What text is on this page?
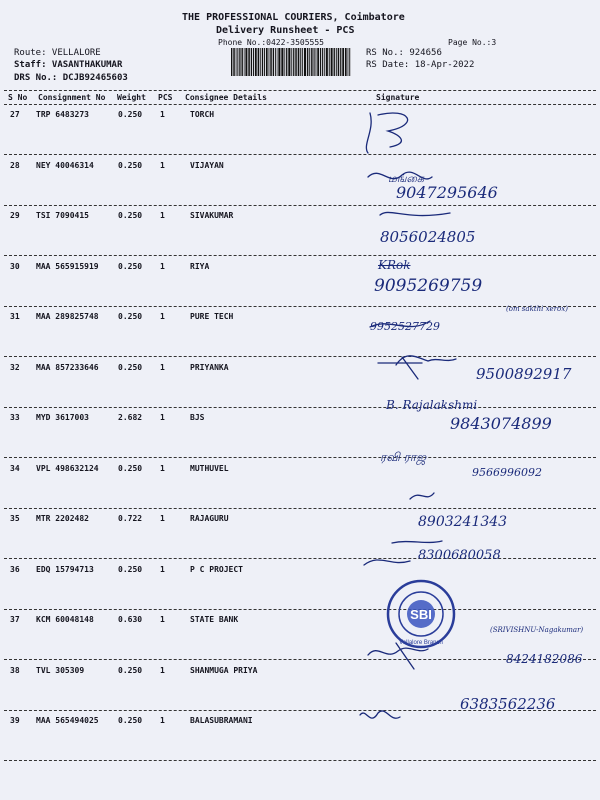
THE PROFESSIONAL COURIERS, Coimbatore
Delivery Runsheet - PCS
Phone No.:0422-3505555	Page No.:3
Route: VELLALORE
Staff: VASANTHAKUMAR
DRS No.: DCJB92465603
RS No.: 924656
RS Date: 18-Apr-2022
S No Consignment No Weight PCS Consignee Details	Signature
27 TRP 6483273	0.250 1	TORCH
28 NEY 40046314	0.250 1	VIJAYAN
29 TSI 7090415	0.250 1	SIVAKUMAR
30 MAA 565915919 0.250 1	RIYA
31 MAA 289825748 0.250 1	PURE TECH
32 MAA 857233646 0.250 1	PRIYANKA
33 MYD 3617003	2.682 1	BJS
34 VPL 498632124 0.250 1	MUTHUVEL
35 MTR 2202482	0.722 1	RAJAGURU
36 EDQ 15794713	0.250 1	P C PROJECT
37 KCM 60048148	0.630 1	STATE BANK
38 TVL 305309	0.250 1	SHANMUGA PRIYA
39 MAA 565494025 0.250 1	BALASUBRAMANI
மங்கை
9047295646
8056024805
KRok
9095269759
9952527729
(om sakthi xerox)
9500892917
B. Rajalakshmi
9843074899
ரவி ராஜ
9566996092
8903241343
8300680058
(SRIVISHNU-Nagakumar)
8424182086
6383562236
SBI
Vellalore Branch
